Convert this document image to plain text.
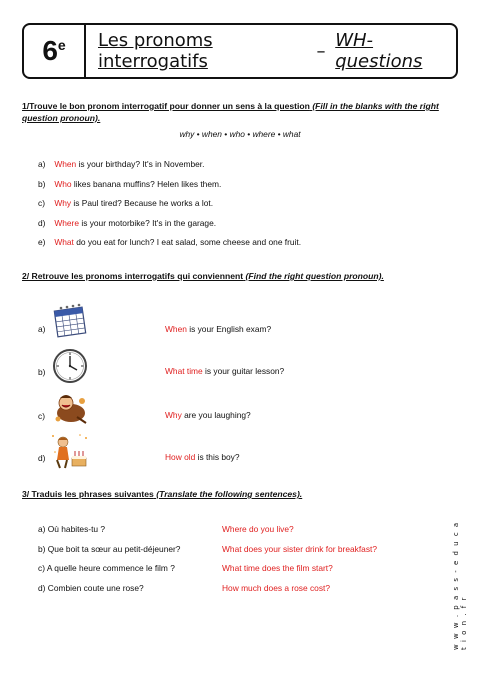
6e Les pronoms interrogatifs	– WH- questions
1/Trouve le bon pronom interrogatif pour donner un sens à la question (Fill in the blanks with the right question pronoun).
why • when • who • where • what
a) When is your birthday? It's in November.
b) Who likes banana muffins? Helen likes them.
c) Why is Paul tired? Because he works a lot.
d) Where is your motorbike? It's in the garage.
e) What do you eat for lunch? I eat salad, some cheese and one fruit.
2/ Retrouve les pronoms interrogatifs qui conviennent (Find the right question pronoun).
a)	When is your English exam?
b)	What time is your guitar lesson?
c)	Why are you laughing?
d)	How old is this boy?
3/ Traduis les phrases suivantes (Translate the following sentences).
a) Où habites-tu ?	Where do you live?
b) Que boit ta sœur au petit-déjeuner?	What does your sister drink for breakfast?
c) A quelle heure commence le film ?	What time does the film start?
d) Combien coute une rose?	How much does a rose cost?	w w w . p a s s - e d u c a t i o n . f r
